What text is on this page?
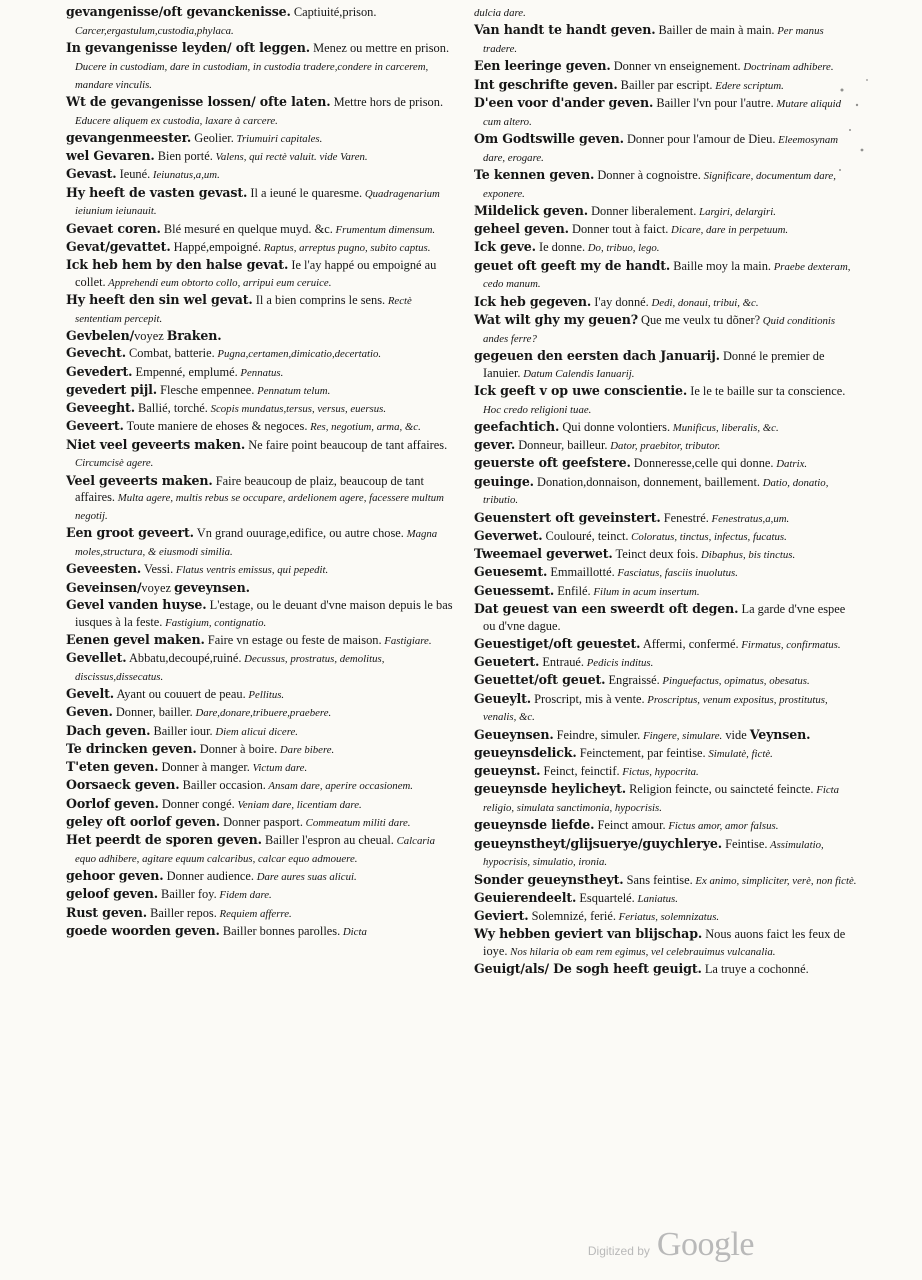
gevangenisse/oft gevanckenisse. Captiuité,prison. Carcer,ergastulum,custodia,phylaca.
In gevangenisse leyden/ oft leggen. Menez ou mettre en prison. Ducere in custodiam, dare in custodiam, in custodia tradere,condere in carcerem, mandare vinculis.
Wt de gevangenisse lossen/ ofte laten. Mettre hors de prison. Educere aliquem ex custodia, laxare à carcere.
gevangenmeester. Geolier. Triumuiri capitales.
wel Gevaren. Bien porté. Valens, qui rectè valuit. vide Varen.
Gevast. Ieuné. Ieiunatus,a,um.
Hy heeft de vasten gevast. Il a ieuné le quaresme. Quadragenarium ieiunium ieiunauit.
Gevaet coren. Blé mesuré en quelque muyd. &c. Frumentum dimensum.
Gevat/gevattet. Happé,empoigné. Raptus, arreptus pugno, subito captus.
Ick heb hem by den halse gevat. Ie l'ay happé ou empoigné au collet. Apprehendi eum obtorto collo, arripui eum ceruice.
Hy heeft den sin wel gevat. Il a bien comprins le sens. Rectè sententiam percepit.
Gevbelen/voyez Braken.
Gevecht. Combat, batterie. Pugna,certamen,dimicatio,decertatio.
Gevedert. Empenné, emplumé. Pennatus.
gevedert pijl. Flesche empennee. Pennatum telum.
Geveeght. Ballié, torché. Scopis mundatus,tersus, versus, euersus.
Geveert. Toute maniere de ehoses & negoces. Res, negotium, arma, &c.
Niet veel geveerts maken. Ne faire point beaucoup de tant affaires. Circumcisè agere.
Veel geveerts maken. Faire beaucoup de plaiz, beaucoup de tant affaires. Multa agere, multis rebus se occupare, ardelionem agere, facessere multum negotij.
Een groot geveert. Vn grand ouurage,edifice, ou autre chose. Magna moles,structura, & eiusmodi similia.
Geveesten. Vessi. Flatus ventris emissus, qui pepedit.
Geveinsen/voyez geveynsen.
Gevel vanden huyse. L'estage, ou le deuant d'vne maison depuis le bas iusques à la feste. Fastigium, contignatio.
Eenen gevel maken. Faire vn estage ou feste de maison. Fastigiare.
Gevellet. Abbatu,decoupé,ruiné. Decussus, prostratus, demolitus, discissus,dissecatus.
Gevelt. Ayant ou couuert de peau. Pellitus.
Geven. Donner, bailler. Dare,donare,tribuere,praebere.
Dach geven. Bailler iour. Diem alicui dicere.
Te drincken geven. Donner à boire. Dare bibere.
T'eten geven. Donner à manger. Victum dare.
Oorsaeck geven. Bailler occasion. Ansam dare, aperire occasionem.
Oorlof geven. Donner congé. Veniam dare, licentiam dare.
geley oft oorlof geven. Donner pasport. Commeatum militi dare.
Het peerdt de sporen geven. Bailler l'espron au cheual. Calcaria equo adhibere, agitare equum calcaribus, calcar equo admouere.
gehoor geven. Donner audience. Dare aures suas alicui.
geloof geven. Bailler foy. Fidem dare.
Rust geven. Bailler repos. Requiem afferre.
goede woorden geven. Bailler bonnes parolles. Dicta
dulcia dare.
Van handt te handt geven. Bailler de main à main. Per manus tradere.
Een leeringe geven. Donner vn enseignement. Doctrinam adhibere.
Int geschrifte geven. Bailler par escript. Edere scriptum.
D'een voor d'ander geven. Bailler l'vn pour l'autre. Mutare aliquid cum altero.
Om Godtswille geven. Donner pour l'amour de Dieu. Eleemosynam dare, erogare.
Te kennen geven. Donner à cognoistre. Significare, documentum dare, exponere.
Mildelick geven. Donner liberalement. Largiri, delargiri.
geheel geven. Donner tout à faict. Dicare, dare in perpetuum.
Ick geve. Ie donne. Do, tribuo, lego.
geuet oft geeft my de handt. Baille moy la main. Praebe dexteram, cedo manum.
Ick heb gegeven. I'ay donné. Dedi, donaui, tribui, &c.
Wat wilt ghy my geuen? Que me veulx tu dõner? Quid conditionis andes ferre?
gegeuen den eersten dach Januarij. Donné le premier de Ianuier. Datum Calendis Ianuarij.
Ick geeft v op uwe conscientie. Ie le te baille sur ta conscience. Hoc credo religioni tuae.
geefachtich. Qui donne volontiers. Munificus, liberalis, &c.
gever. Donneur, bailleur. Dator, praebitor, tributor.
geuerste oft geefstere. Donneresse,celle qui donne. Datrix.
geuinge. Donation,donnaison, donnement, baillement. Datio, donatio, tributio.
Geuenstert oft geveinstert. Fenestré. Fenestratus,a,um.
Geverwet. Coulouré, teinct. Coloratus, tinctus, infectus, fucatus.
Tweemael geverwet. Teinct deux fois. Dibaphus, bis tinctus.
Geuesemt. Emmaillotté. Fasciatus, fasciis inuolutus.
Geuessemt. Enfilé. Filum in acum insertum.
Dat geuest van een sweerdt oft degen. La garde d'vne espee ou d'vne dague.
Geuestiget/oft geuestet. Affermi, confermé. Firmatus, confirmatus.
Geuetert. Entraué. Pedicis inditus.
Geuettet/oft geuet. Engraissé. Pinguefactus, opimatus, obesatus.
Geueylt. Proscript, mis à vente. Proscriptus, venum expositus, prostitutus, venalis, &c.
Geueynsen. Feindre, simuler. Fingere, simulare. vide Veynsen.
geueynsdelick. Feinctement, par feintise. Simulatè, fictè.
geueynst. Feinct, feinctif. Fictus, hypocrita.
geueynsde heylicheyt. Religion feincte, ou saincteté feincte. Ficta religio, simulata sanctimonia, hypocrisis.
geueynsde liefde. Feinct amour. Fictus amor, amor falsus.
geueynstheyt/glijsuerye/guychlerye. Feintise. Assimulatio, hypocrisis, simulatio, ironia.
Sonder geueynstheyt. Sans feintise. Ex animo, simpliciter, verè, non fictè.
Geuierendeelt. Esquartelé. Laniatus.
Geviert. Solemnizé, ferié. Feriatus, solemnizatus.
Wy hebben geviert van blijschap. Nous auons faict les feux de ioye. Nos hilaria ob eam rem egimus, vel celebrauimus vulcanalia.
Geuigt/als/ De sogh heeft geuigt. La truye a cochonné.
Digitized by Google
